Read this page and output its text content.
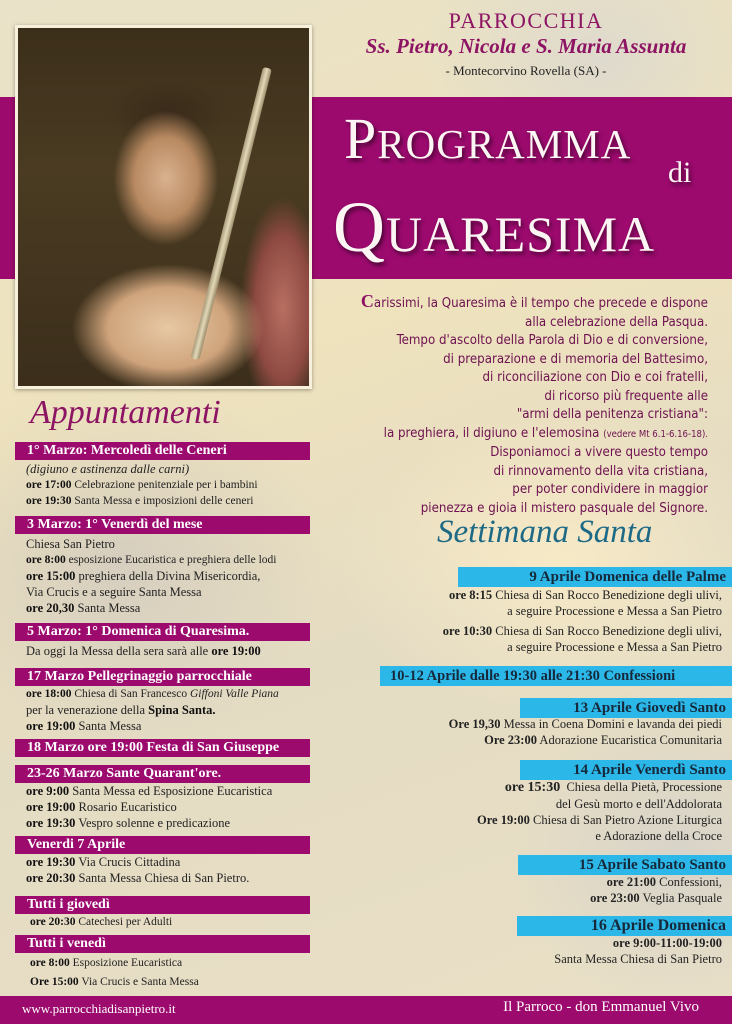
PARROCCHIA
Ss. Pietro, Nicola e S. Maria Assunta
- Montecorvino Rovella (SA) -
Programma
di
Quaresima
Carissimi, la Quaresima è il tempo che precede e dispone
alla celebrazione della Pasqua.
Tempo d'ascolto della Parola di Dio e di conversione,
di preparazione e di memoria del Battesimo,
di riconciliazione con Dio e coi fratelli,
di ricorso più frequente alle
"armi della penitenza cristiana":
la preghiera, il digiuno e l'elemosina (vedere Mt 6.1-6.16-18).
Disponiamoci a vivere questo tempo
di rinnovamento della vita cristiana,
per poter condividere in maggior
pienezza e gioia il mistero pasquale del Signore.
Appuntamenti
1° Marzo: Mercoledì delle Ceneri
(digiuno e astinenza dalle carni)
ore 17:00 Celebrazione penitenziale per i bambini
ore 19:30 Santa Messa e imposizioni delle ceneri
3 Marzo: 1° Venerdì del mese
Chiesa San Pietro
ore 8:00 esposizione Eucaristica e preghiera delle lodi
ore 15:00 preghiera della Divina Misericordia,
Via Crucis e a seguire Santa Messa
ore 20,30 Santa Messa
5 Marzo: 1° Domenica di Quaresima.
Da oggi la Messa della sera sarà alle ore 19:00
17 Marzo Pellegrinaggio parrocchiale
ore 18:00 Chiesa di San Francesco Giffoni Valle Piana
per la venerazione della Spina Santa.
ore 19:00 Santa Messa
18 Marzo ore 19:00 Festa di San Giuseppe
23-26 Marzo Sante Quarant'ore.
ore 9:00 Santa Messa ed Esposizione Eucaristica
ore 19:00 Rosario Eucaristico
ore 19:30 Vespro solenne e predicazione
Venerdi 7 Aprile
ore 19:30 Via Crucis Cittadina
ore 20:30 Santa Messa Chiesa di San Pietro.
Tutti i giovedì
ore 20:30 Catechesi per Adulti
Tutti i venedì
ore 8:00 Esposizione Eucaristica
Ore 15:00 Via Crucis e Santa Messa
Settimana Santa
9 Aprile Domenica delle Palme
ore 8:15 Chiesa di San Rocco Benedizione degli ulivi,
a seguire Processione e Messa a San Pietro
ore 10:30 Chiesa di San Rocco Benedizione degli ulivi,
a seguire Processione e Messa a San Pietro
10-12 Aprile dalle 19:30 alle 21:30 Confessioni
13 Aprile Giovedì Santo
Ore 19,30 Messa in Coena Domini e lavanda dei piedi
Ore 23:00 Adorazione Eucaristica Comunitaria
14 Aprile Venerdì Santo
ore 15:30 Chiesa della Pietà, Processione
del Gesù morto e dell'Addolorata
Ore 19:00 Chiesa di San Pietro Azione Liturgica
e Adorazione della Croce
15 Aprile Sabato Santo
ore 21:00 Confessioni,
ore 23:00 Veglia Pasquale
16 Aprile Domenica
ore 9:00-11:00-19:00
Santa Messa Chiesa di San Pietro
www.parrocchiadisanpietro.it	Il Parroco - don Emmanuel Vivo
